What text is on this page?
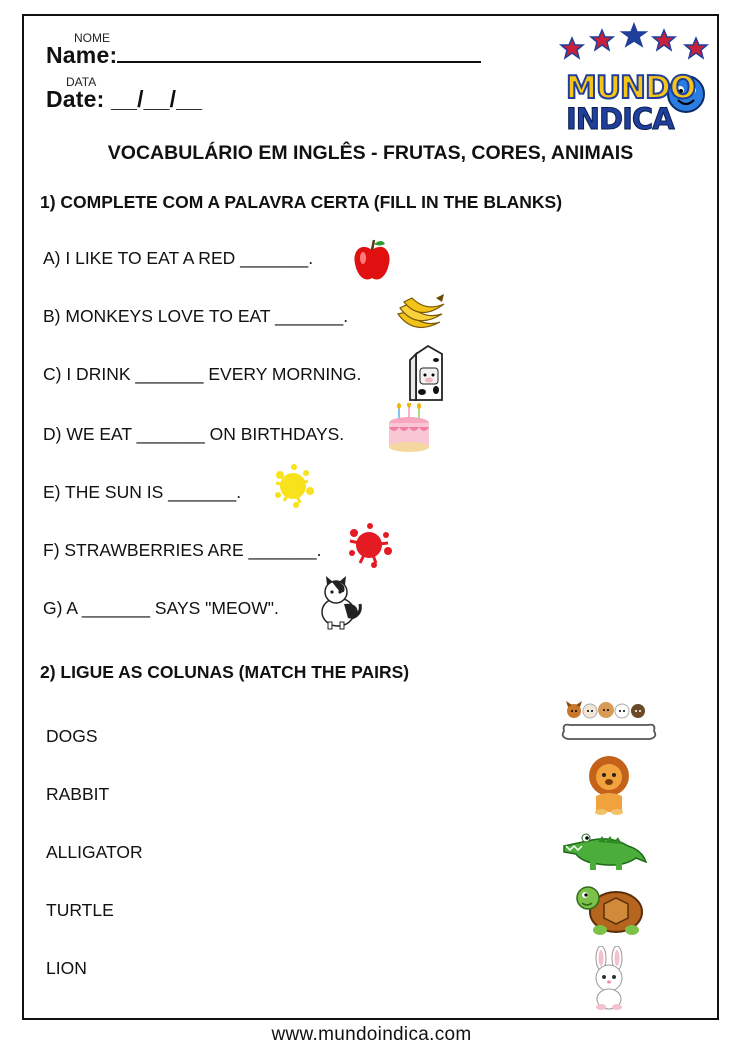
NOME
Name:
DATA
Date: __/__/__	MUNDO
INDICA
VOCABULÁRIO EM INGLÊS - FRUTAS, CORES, ANIMAIS
1) COMPLETE COM A PALAVRA CERTA (FILL IN THE BLANKS)
A) I LIKE TO EAT A RED _______.
B) MONKEYS LOVE TO EAT _______.
C) I DRINK _______ EVERY MORNING.
D) WE EAT _______ ON BIRTHDAYS.
E) THE SUN IS _______.
F) STRAWBERRIES ARE _______.
G) A _______ SAYS "MEOW".
2) LIGUE AS COLUNAS (MATCH THE PAIRS)
DOGS
RABBIT
ALLIGATOR
TURTLE
LION
www.mundoindica.com
